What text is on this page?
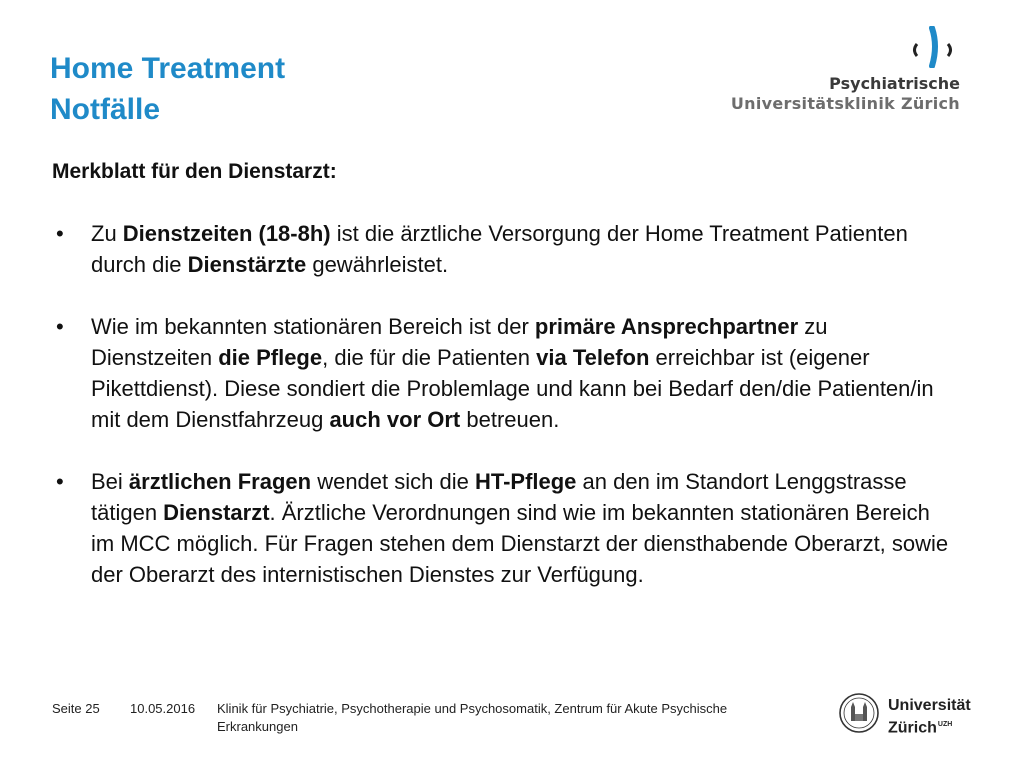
Home Treatment
Notfälle
Psychiatrische
Universitätsklinik Zürich
Merkblatt für den Dienstarzt:
• Zu Dienstzeiten (18-8h) ist die ärztliche Versorgung der Home Treatment Patienten durch die Dienstärzte gewährleistet.
• Wie im bekannten stationären Bereich ist der primäre Ansprechpartner zu Dienstzeiten die Pflege, die für die Patienten via Telefon erreichbar ist (eigener Pikettdienst). Diese sondiert die Problemlage und kann bei Bedarf den/die Patienten/in mit dem Dienstfahrzeug auch vor Ort betreuen.
• Bei ärztlichen Fragen wendet sich die HT-Pflege an den im Standort Lenggstrasse tätigen Dienstarzt. Ärztliche Verordnungen sind wie im bekannten stationären Bereich im MCC möglich. Für Fragen stehen dem Dienstarzt der diensthabende Oberarzt, sowie der Oberarzt des internistischen Dienstes zur Verfügung.
Seite 25 10.05.2016 Klinik für Psychiatrie, Psychotherapie und Psychosomatik, Zentrum für Akute Psychische Erkrankungen
Universität
Zürich$^{UZH}$
